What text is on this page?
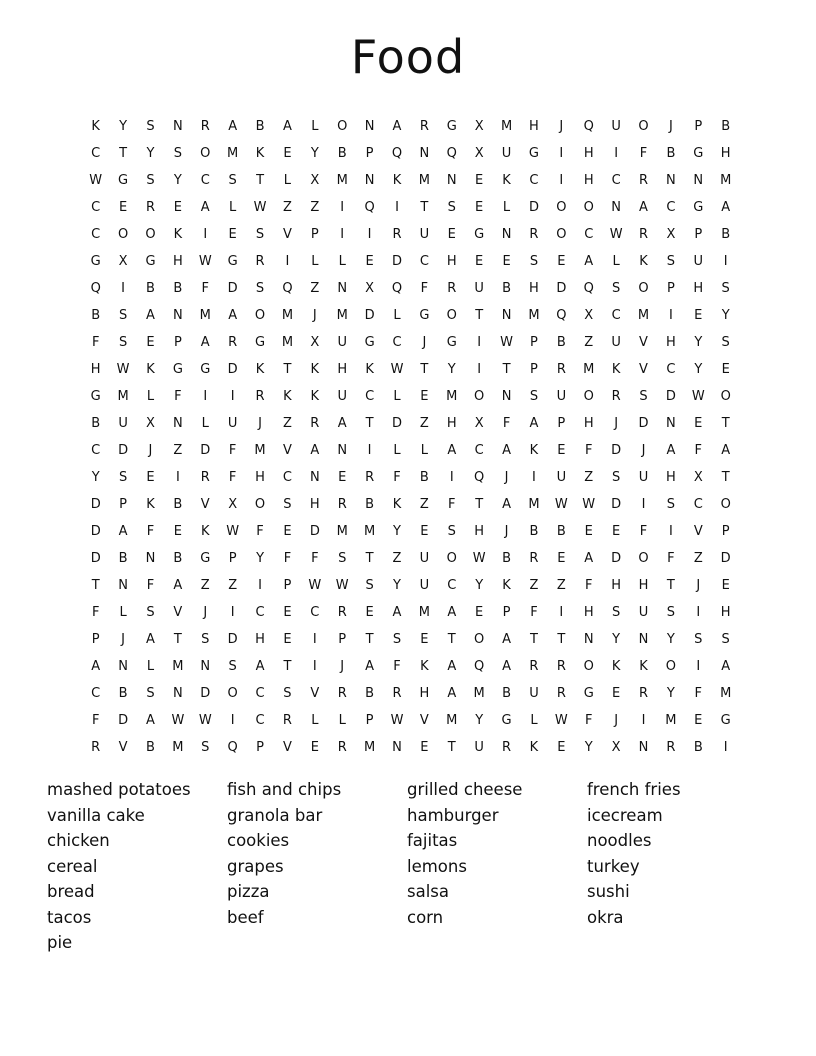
Food
K	Y	S	N	R	A	B	A	L	O	N	A	R	G	X	M	H	J	Q	U	O	J	P	B
C	T	Y	S	O	M	K	E	Y	B	P	Q	N	Q	X	U	G	I	H	I	F	B	G	H
W	G	S	Y	C	S	T	L	X	M	N	K	M	N	E	K	C	I	H	C	R	N	N	M
C	E	R	E	A	L	W	Z	Z	I	Q	I	T	S	E	L	D	O	O	N	A	C	G	A
C	O	O	K	I	E	S	V	P	I	I	R	U	E	G	N	R	O	C	W	R	X	P	B
G	X	G	H	W	G	R	I	L	L	E	D	C	H	E	E	S	E	A	L	K	S	U	I
Q	I	B	B	F	D	S	Q	Z	N	X	Q	F	R	U	B	H	D	Q	S	O	P	H	S
B	S	A	N	M	A	O	M	J	M	D	L	G	O	T	N	M	Q	X	C	M	I	E	Y
F	S	E	P	A	R	G	M	X	U	G	C	J	G	I	W	P	B	Z	U	V	H	Y	S
H	W	K	G	G	D	K	T	K	H	K	W	T	Y	I	T	P	R	M	K	V	C	Y	E
G	M	L	F	I	I	R	K	K	U	C	L	E	M	O	N	S	U	O	R	S	D	W	O
B	U	X	N	L	U	J	Z	R	A	T	D	Z	H	X	F	A	P	H	J	D	N	E	T
C	D	J	Z	D	F	M	V	A	N	I	L	L	A	C	A	K	E	F	D	J	A	F	A
Y	S	E	I	R	F	H	C	N	E	R	F	B	I	Q	J	I	U	Z	S	U	H	X	T
D	P	K	B	V	X	O	S	H	R	B	K	Z	F	T	A	M	W	W	D	I	S	C	O
D	A	F	E	K	W	F	E	D	M	M	Y	E	S	H	J	B	B	E	E	F	I	V	P
D	B	N	B	G	P	Y	F	F	S	T	Z	U	O	W	B	R	E	A	D	O	F	Z	D
T	N	F	A	Z	Z	I	P	W	W	S	Y	U	C	Y	K	Z	Z	F	H	H	T	J	E
F	L	S	V	J	I	C	E	C	R	E	A	M	A	E	P	F	I	H	S	U	S	I	H
P	J	A	T	S	D	H	E	I	P	T	S	E	T	O	A	T	T	N	Y	N	Y	S	S
A	N	L	M	N	S	A	T	I	J	A	F	K	A	Q	A	R	R	O	K	K	O	I	A
C	B	S	N	D	O	C	S	V	R	B	R	H	A	M	B	U	R	G	E	R	Y	F	M
F	D	A	W	W	I	C	R	L	L	P	W	V	M	Y	G	L	W	F	J	I	M	E	G
R	V	B	M	S	Q	P	V	E	R	M	N	E	T	U	R	K	E	Y	X	N	R	B	I
mashed potatoes
vanilla cake
chicken
cereal
bread
tacos
pie
fish and chips
granola bar
cookies
grapes
pizza
beef
grilled cheese
hamburger
fajitas
lemons
salsa
corn
french fries
icecream
noodles
turkey
sushi
okra
